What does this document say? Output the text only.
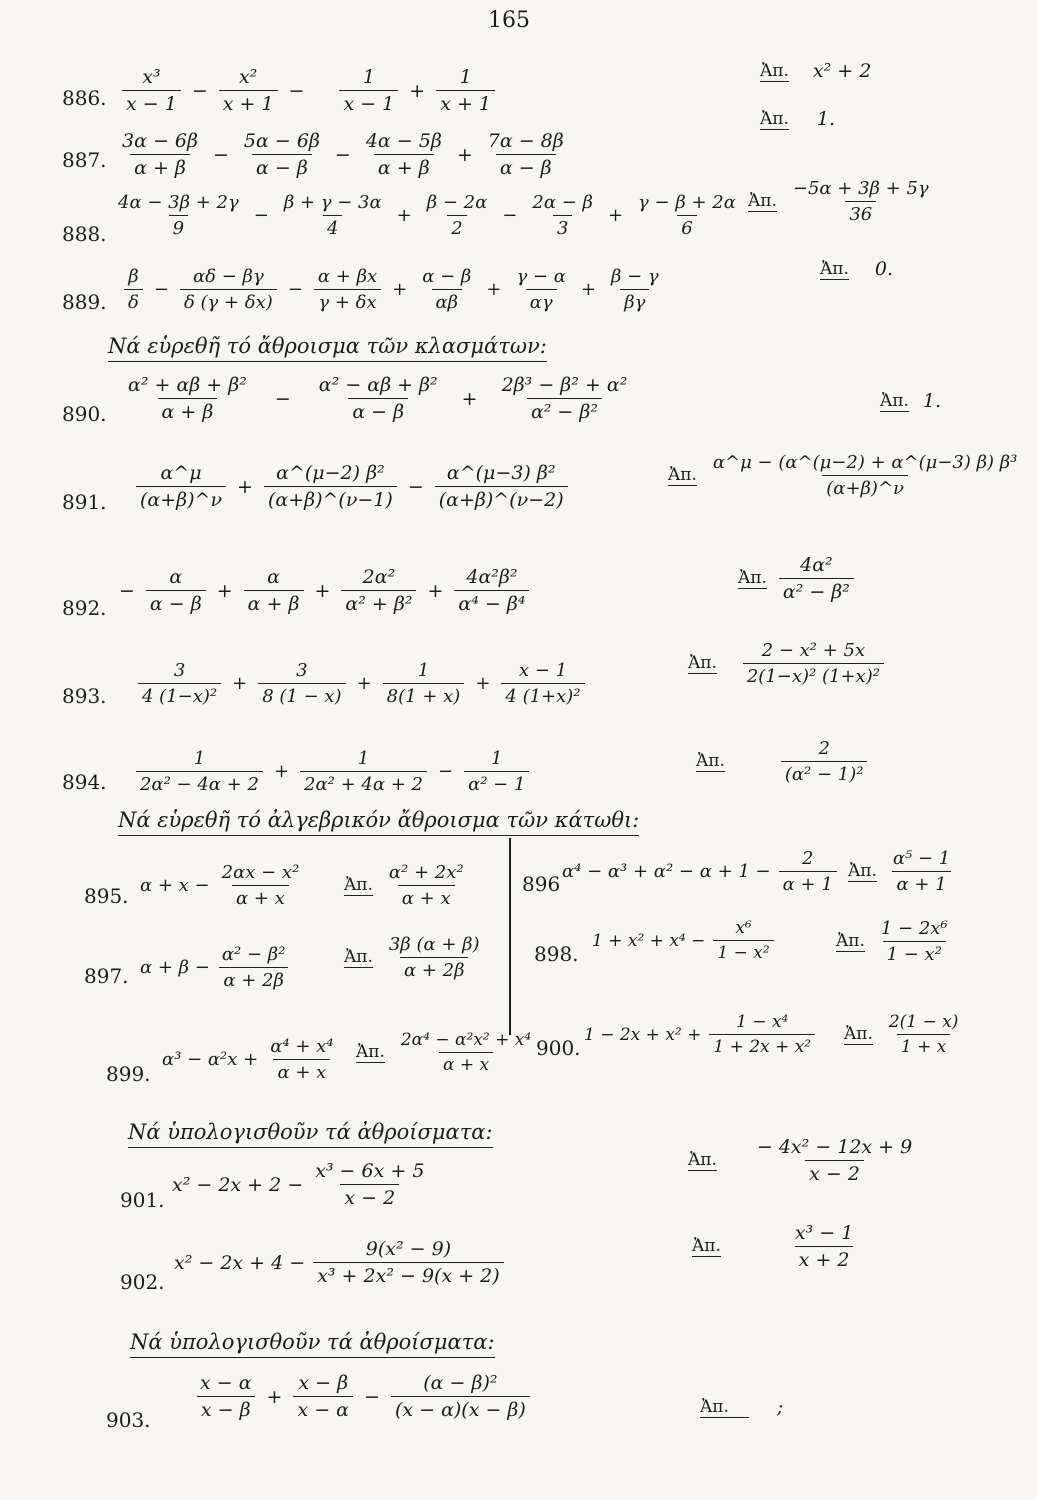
165
886. $\frac{\text{x³}}{x - 1} - \frac{\text{x²}}{x + 1} - \frac{1}{x - 1} + \frac{1}{x + 1}$	Ἀπ. x² + 2
887. $\frac{3\alpha - 6\beta}{\alpha + \beta} - \frac{5\alpha - 6\beta}{\alpha - \beta} - \frac{4\alpha - 5\beta}{\alpha + \beta} + \frac{7\alpha - 8\beta}{\alpha - \beta}$
Ἀπ. 1.
888. $\frac{4\alpha - 3\beta + 2\gamma}{9} - \frac{\beta + \gamma - 3\alpha}{4} + \frac{\beta - 2\alpha}{2} - \frac{2\alpha - \beta}{3} + \frac{\gamma - \beta + 2\alpha}{6}$ Ἀπ. $\frac{-5\alpha + 3\beta + 5\gamma}{36}$
889. $\frac{\beta}{\delta} - \frac{\alpha\delta - \beta\gamma}{\delta (\gamma + \delta x)} - \frac{\alpha + \beta x}{\gamma + \delta x} + \frac{\alpha - \beta}{\alpha\beta} + \frac{\gamma - \alpha}{\alpha\gamma} + \frac{\beta - \gamma}{\beta\gamma}$	Ἀπ. 0.
Νά εὑρεθῆ τό ἄθροισμα τῶν κλασμάτων:
890. $\frac{\text{α² + αβ + β²}}{\alpha + \beta} - \frac{\text{α² − αβ + β²}}{\alpha - \beta} + \frac{\text{2β³ − β² + α²}}{\text{α² − β²}}$	Ἀπ. 1.
891. $\frac{\alpha\^{}\mu}{(\alpha+\beta)\^{}\nu} + \frac{\text{α\textasciicircum{}(μ−2) β²}}{(\alpha+\beta)\^{}(\nu-1)} - \frac{\text{α\textasciicircum{}(μ−3) β²}}{(\alpha+\beta)\^{}(\nu-2)}$	Ἀπ. $\frac{\text{α\textasciicircum{}μ − (α\textasciicircum{}(μ−2) + α\textasciicircum{}(μ−3) β) β³}}{(\alpha+\beta)\^{}\nu}$
892.
− $\frac{\alpha}{\alpha - \beta} + \frac{\alpha}{\alpha + \beta} + \frac{\text{2α²}}{\text{α² + β²}} + \frac{\text{4α²β²}}{\text{α⁴ − β⁴}}$	Ἀπ. $\frac{\text{4α²}}{\text{α² − β²}}$
893. $\frac{3}{\text{4 (1−x)²}} + \frac{3}{8 (1 - x)} + \frac{1}{8(1 + x)} + \frac{x - 1}{\text{4 (1+x)²}}$	Ἀπ. $\frac{\text{2 − x² + 5x}}{\text{2(1−x)² (1+x)²}}$
894. $\frac{1}{\text{2α² − 4α + 2}} + \frac{1}{\text{2α² + 4α + 2}} - \frac{1}{\text{α² − 1}}$	Ἀπ.	$\frac{2}{\text{(α² − 1)²}}$
Νά εὑρεθῆ τό ἀλγεβρικόν ἄθροισμα τῶν κάτωθι:
895. $\alpha + x - \frac{\text{2αx − x²}}{\alpha + x}$ Ἀπ. $\frac{\text{α² + 2x²}}{\alpha + x}$	896
$\alpha^4 - \alpha^3 + \alpha^2 - \alpha + 1 - \frac{2}{\alpha + 1}$ Ἀπ. $\frac{\text{α⁵ − 1}}{\alpha + 1}$
897. $\alpha + \beta - \frac{\text{α² − β²}}{\alpha + 2\beta}$	Ἀπ. $\frac{3\beta (\alpha + \beta)}{\alpha + 2\beta}$	898.
$1 + x^2 + x^4 - \frac{\text{x⁶}}{\text{1 − x²}}$	Ἀπ. $\frac{\text{1 − 2x⁶}}{\text{1 − x²}}$
899.
$\alpha^3 - \alpha^2x + \frac{\text{α⁴ + x⁴}}{\alpha + x}$ Ἀπ. $\frac{\text{2α⁴ − α²x² + x⁴}}{\alpha + x} 900$.
$1 - 2x + x^2 + \frac{\text{1 − x⁴}}{\text{1 + 2x + x²}}$ Ἀπ. $\frac{2(1 - x)}{1 + x}$
Νά ὑπολογισθοῦν τά ἀθροίσματα:
901.
$x^2 - 2x + 2 - \frac{\text{x³ − 6x + 5}}{x - 2}$	Ἀπ. $\frac{\text{− 4x² − 12x + 9}}{x - 2}$
902.
$x^2 - 2x + 4 - \frac{\text{9(x² − 9)}}{\text{x³ + 2x² − 9(x + 2)}}$	Ἀπ.	$\frac{\text{x³ − 1}}{x + 2}$
Νά ὑπολογισθοῦν τά ἀθροίσματα:
903. $\frac{x - \alpha}{x - \beta} + \frac{x - \beta}{x - \alpha} - \frac{\text{(α − β)²}}{(x - \alpha)(x - \beta)}$	Ἀπ.	;
